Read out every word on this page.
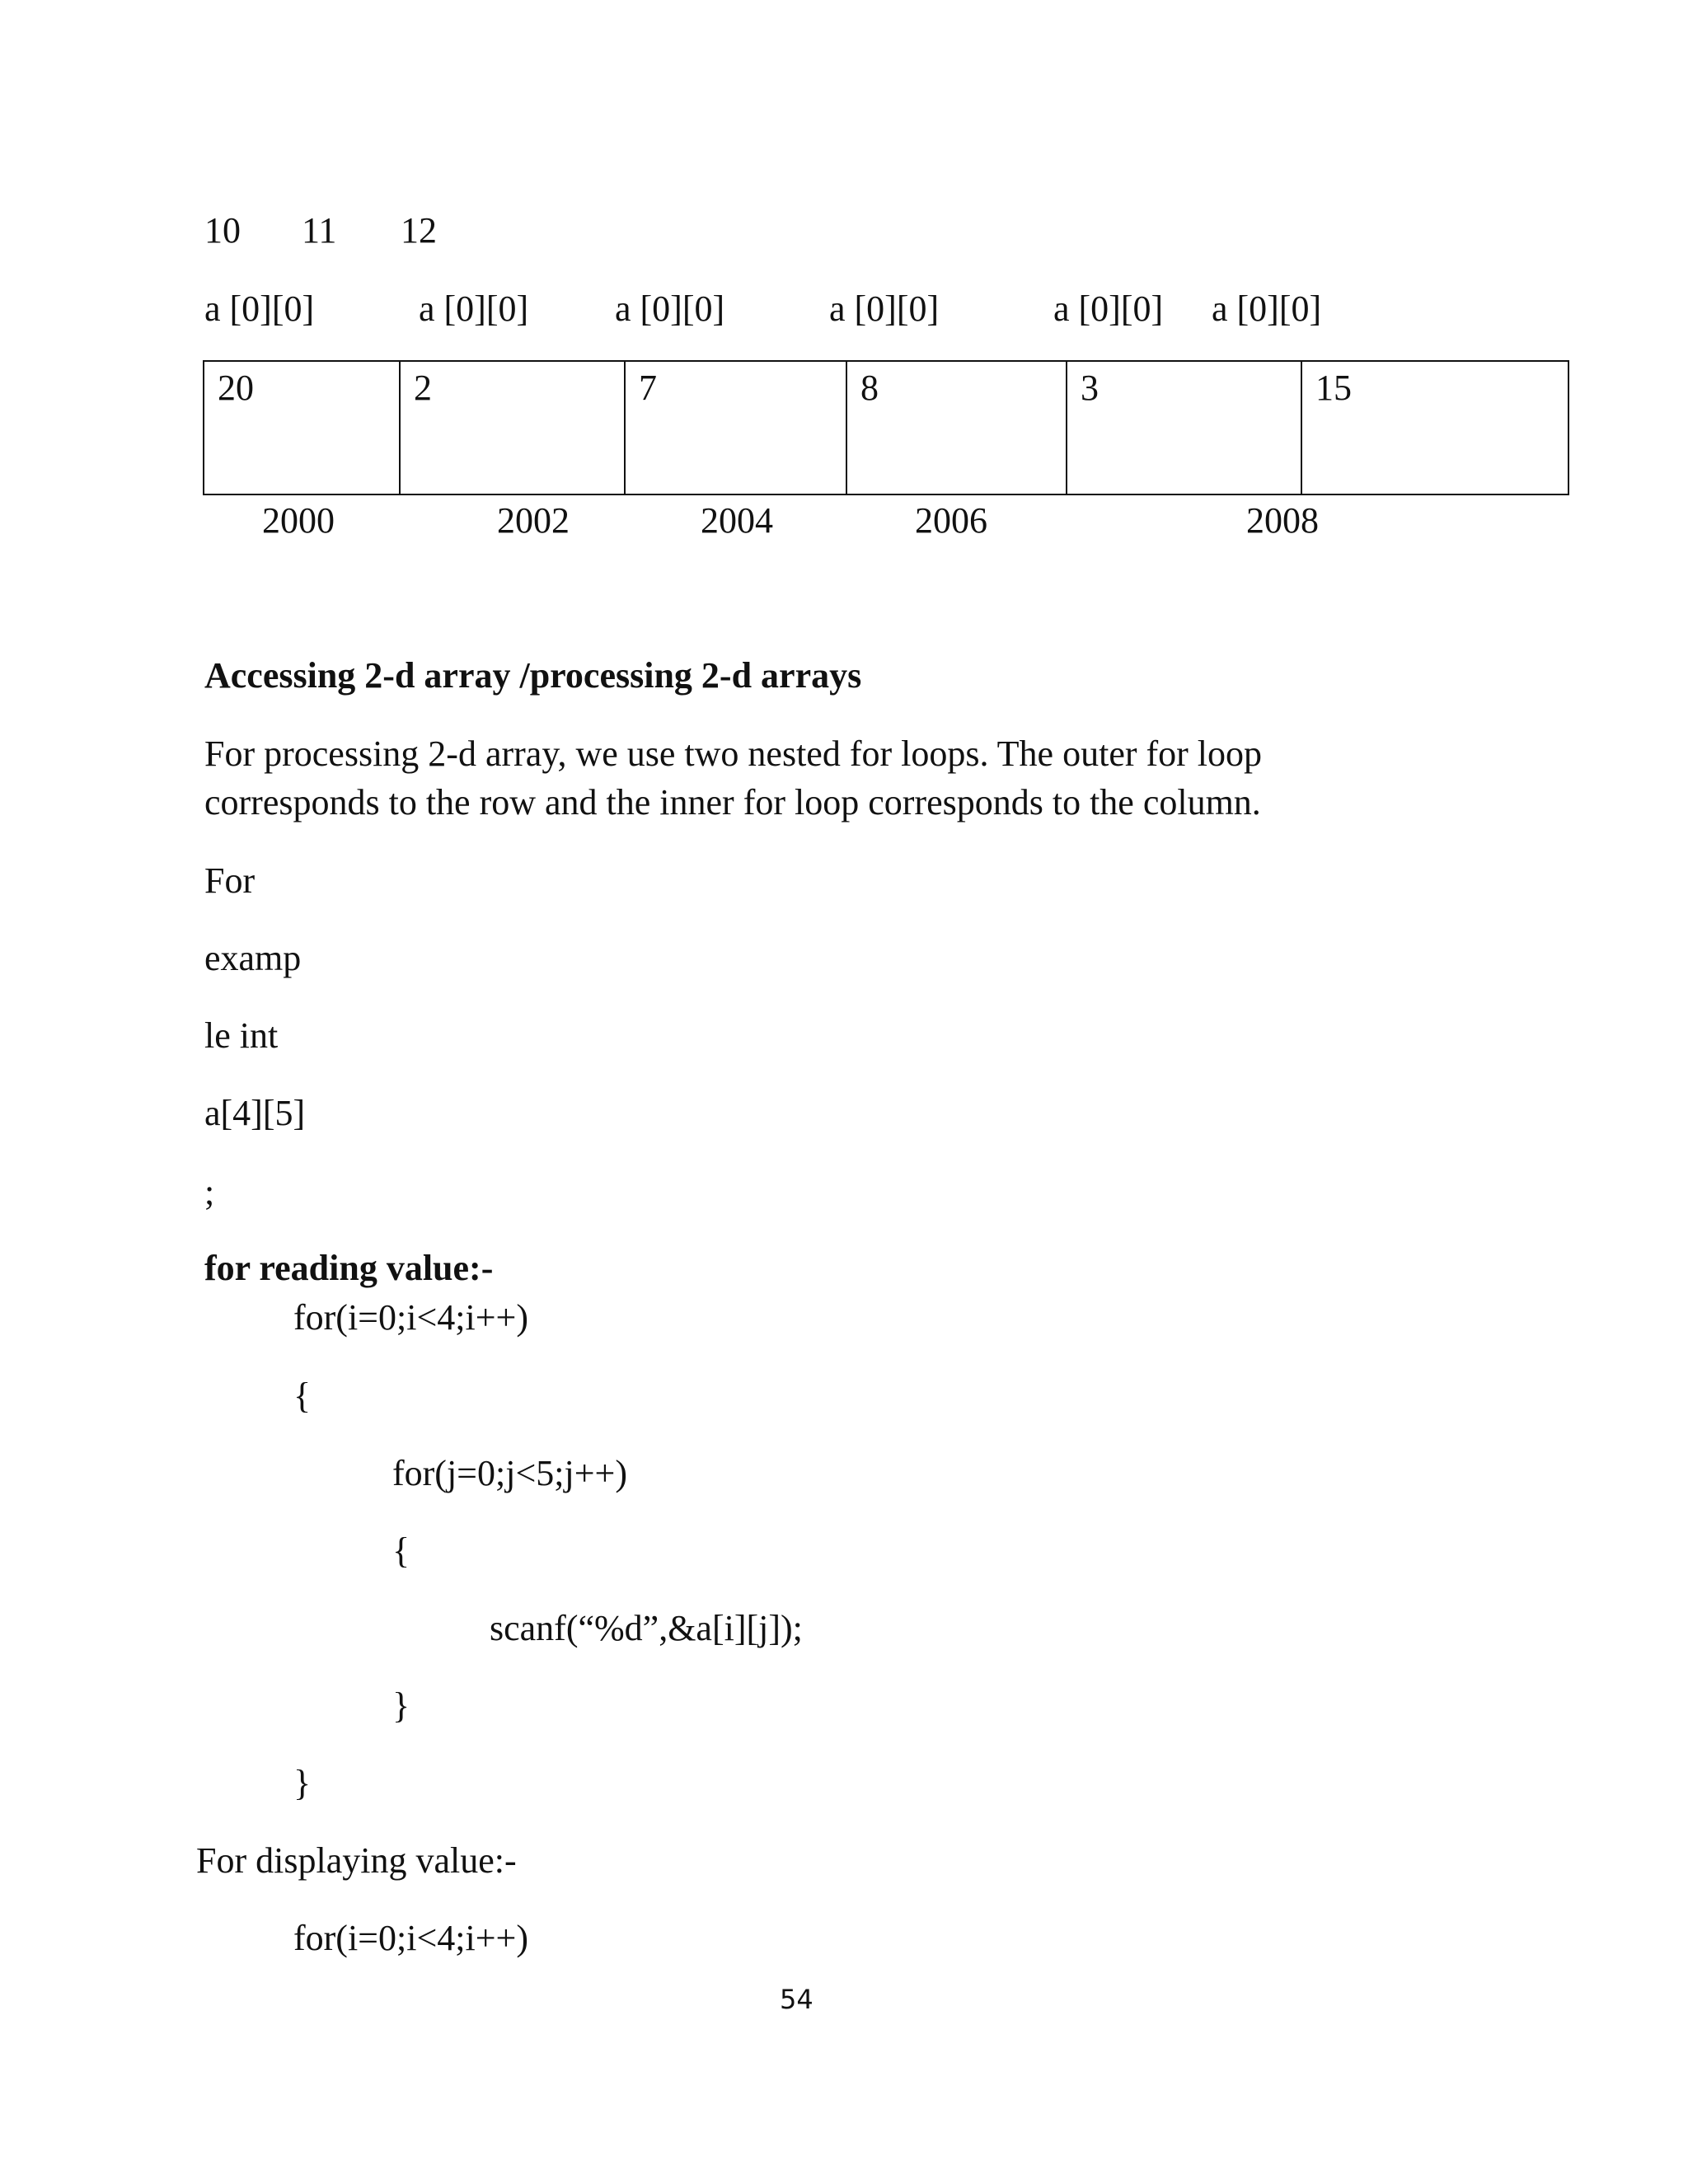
10 11 12
a [0][0]	a [0][0] a [0][0]	a [0][0]	a [0][0] a [0][0]
20	2	7	8	3	15
2000	2002	2004	2006	2008
Accessing 2-d array /processing 2-d arrays
For processing 2-d array, we use two nested for loops. The outer for loop
corresponds to the row and the inner for loop corresponds to the column.
For
examp
le int
a[4][5]
;
for reading value:-
for(i=0;i<4;i++)
{
for(j=0;j<5;j++)
{
scanf(“%d”,&a[i][j]);
}
}
For displaying value:-
for(i=0;i<4;i++)
54
